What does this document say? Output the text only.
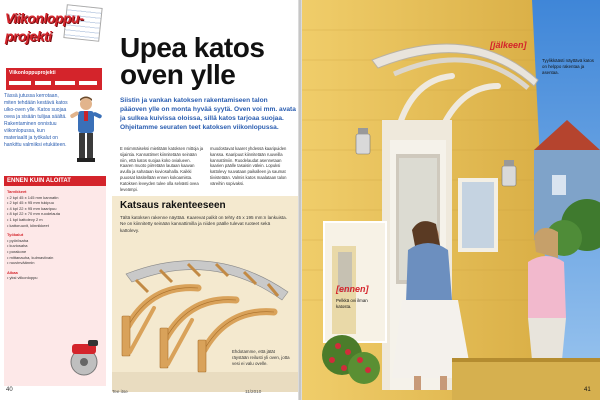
Viikonloppu-
projekti
Viikonloppuprojekti
Tässä jutussa kerrotaan, miten tehdään kestävä katos ulko-oven ylle. Katos suojaa ovea ja sisään tulijaa säältä. Rakentaminen onnistuu viikonlopussa, kun materiaalit ja työkalut on hankittu valmiiksi etukäteen.
ENNEN KUIN ALOITAT
Tarvikkeet
• 2 kpl 45 x 145 mm kannatin
• 2 kpl 45 x 95 mm tukipuu
• 4 kpl 22 x 95 mm kaaripuu
• 8 kpl 22 x 70 mm ruodelauta
• 1 kpl kattolevy 2 m
• kattoruuvit, kiinnikkeet
Työkalut
• pyörösaha
• kuviosaha
• porakone
• mittanauha, kulmaviivain
• ruuvinväännin
Aikaa
• yksi viikonloppu
40
Upea katos oven ylle
Siistin ja vankan katoksen rakentamiseen talon pääoven ylle on monta hyvää syytä. Oven voi mm. avata ja sulkea kuivissa oloissa, sillä katos tarjoaa suojaa. Ohjeitamme seuraten teet katoksen viikonlopussa.
E nsimmäiseksi mietitään katoksen mittoja ja sijaintia. Kannattimet kiinnitetään seinään niin, että katos suojaa koko ovialueen. Kaaren muoto piirretään lautaan kaavan avulla ja sahataan kuviosahalla. Kaikki puuosat käsitellään ennen kokoamista. Katoksen leveyden tulee olla selvästi ovea leveämpi.
muodostavat kaaret yhdessä kaaripuiden kanssa. Kaaripuut kiinnitetään ruuveilla kannattimiin. Ruodelaudat asennetaan kaarien päälle tasaisin välein. Lopuksi kattolevy ruuvataan paikalleen ja saumat tiivistetään. Valmis katos maalataan talon väreihin sopivaksi.
Katsaus rakenteeseen
Tältä katoksen rakenne näyttää. Kaarevat palkit on tehty 45 x 195 mm:n lankuista. Ne on kiinnitetty seinään kannattimilla ja niiden päälle tulevat ruoteet sekä kattolevy.
Ehdotamme, että jätät räystään reilusti yli oven, jotta vesi ei valu ovelle.
Tee itse	11/2010
[jälkeen]
Tyylikkäästi näyttävä katos on helppo rakentaa ja asentaa.
[ennen]
Pelkkä ovi ilman katosta.
41
